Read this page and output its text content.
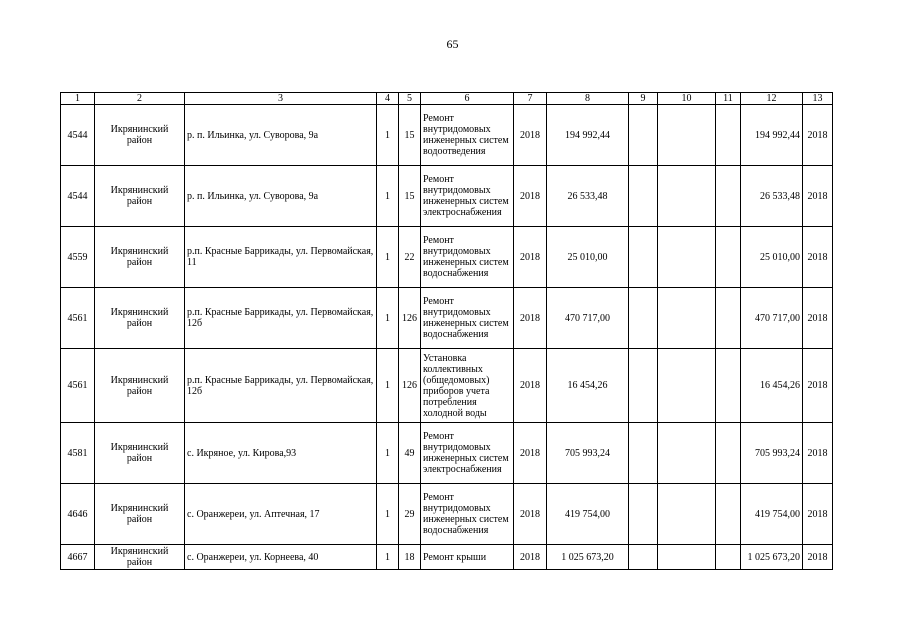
65
1	2	3	4	5	6	7	8	9	10	11	12	13
4544	Икрянинский район	р. п. Ильинка, ул. Суворова, 9а	1	15	Ремонт внутридомовых инженерных систем водоотведения	2018	194 992,44				194 992,44	2018
4544	Икрянинский район	р. п. Ильинка, ул. Суворова, 9а	1	15	Ремонт внутридомовых инженерных систем электроснабжения	2018	26 533,48				26 533,48	2018
4559	Икрянинский район	р.п. Красные Баррикады, ул. Первомайская, 11	1	22	Ремонт внутридомовых инженерных систем водоснабжения	2018	25 010,00				25 010,00	2018
4561	Икрянинский район	р.п. Красные Баррикады, ул. Первомайская, 12б	1	126	Ремонт внутридомовых инженерных систем водоснабжения	2018	470 717,00				470 717,00	2018
4561	Икрянинский район	р.п. Красные Баррикады, ул. Первомайская, 12б	1	126	Установка коллективных (общедомовых) приборов учета потребления холодной воды	2018	16 454,26				16 454,26	2018
4581	Икрянинский район	с. Икряное, ул. Кирова,93	1	49	Ремонт внутридомовых инженерных систем электроснабжения	2018	705 993,24				705 993,24	2018
4646	Икрянинский район	с. Оранжереи, ул. Аптечная, 17	1	29	Ремонт внутридомовых инженерных систем водоснабжения	2018	419 754,00				419 754,00	2018
4667	Икрянинский район	с. Оранжереи, ул. Корнеева, 40	1	18	Ремонт крыши	2018	1 025 673,20				1 025 673,20	2018
